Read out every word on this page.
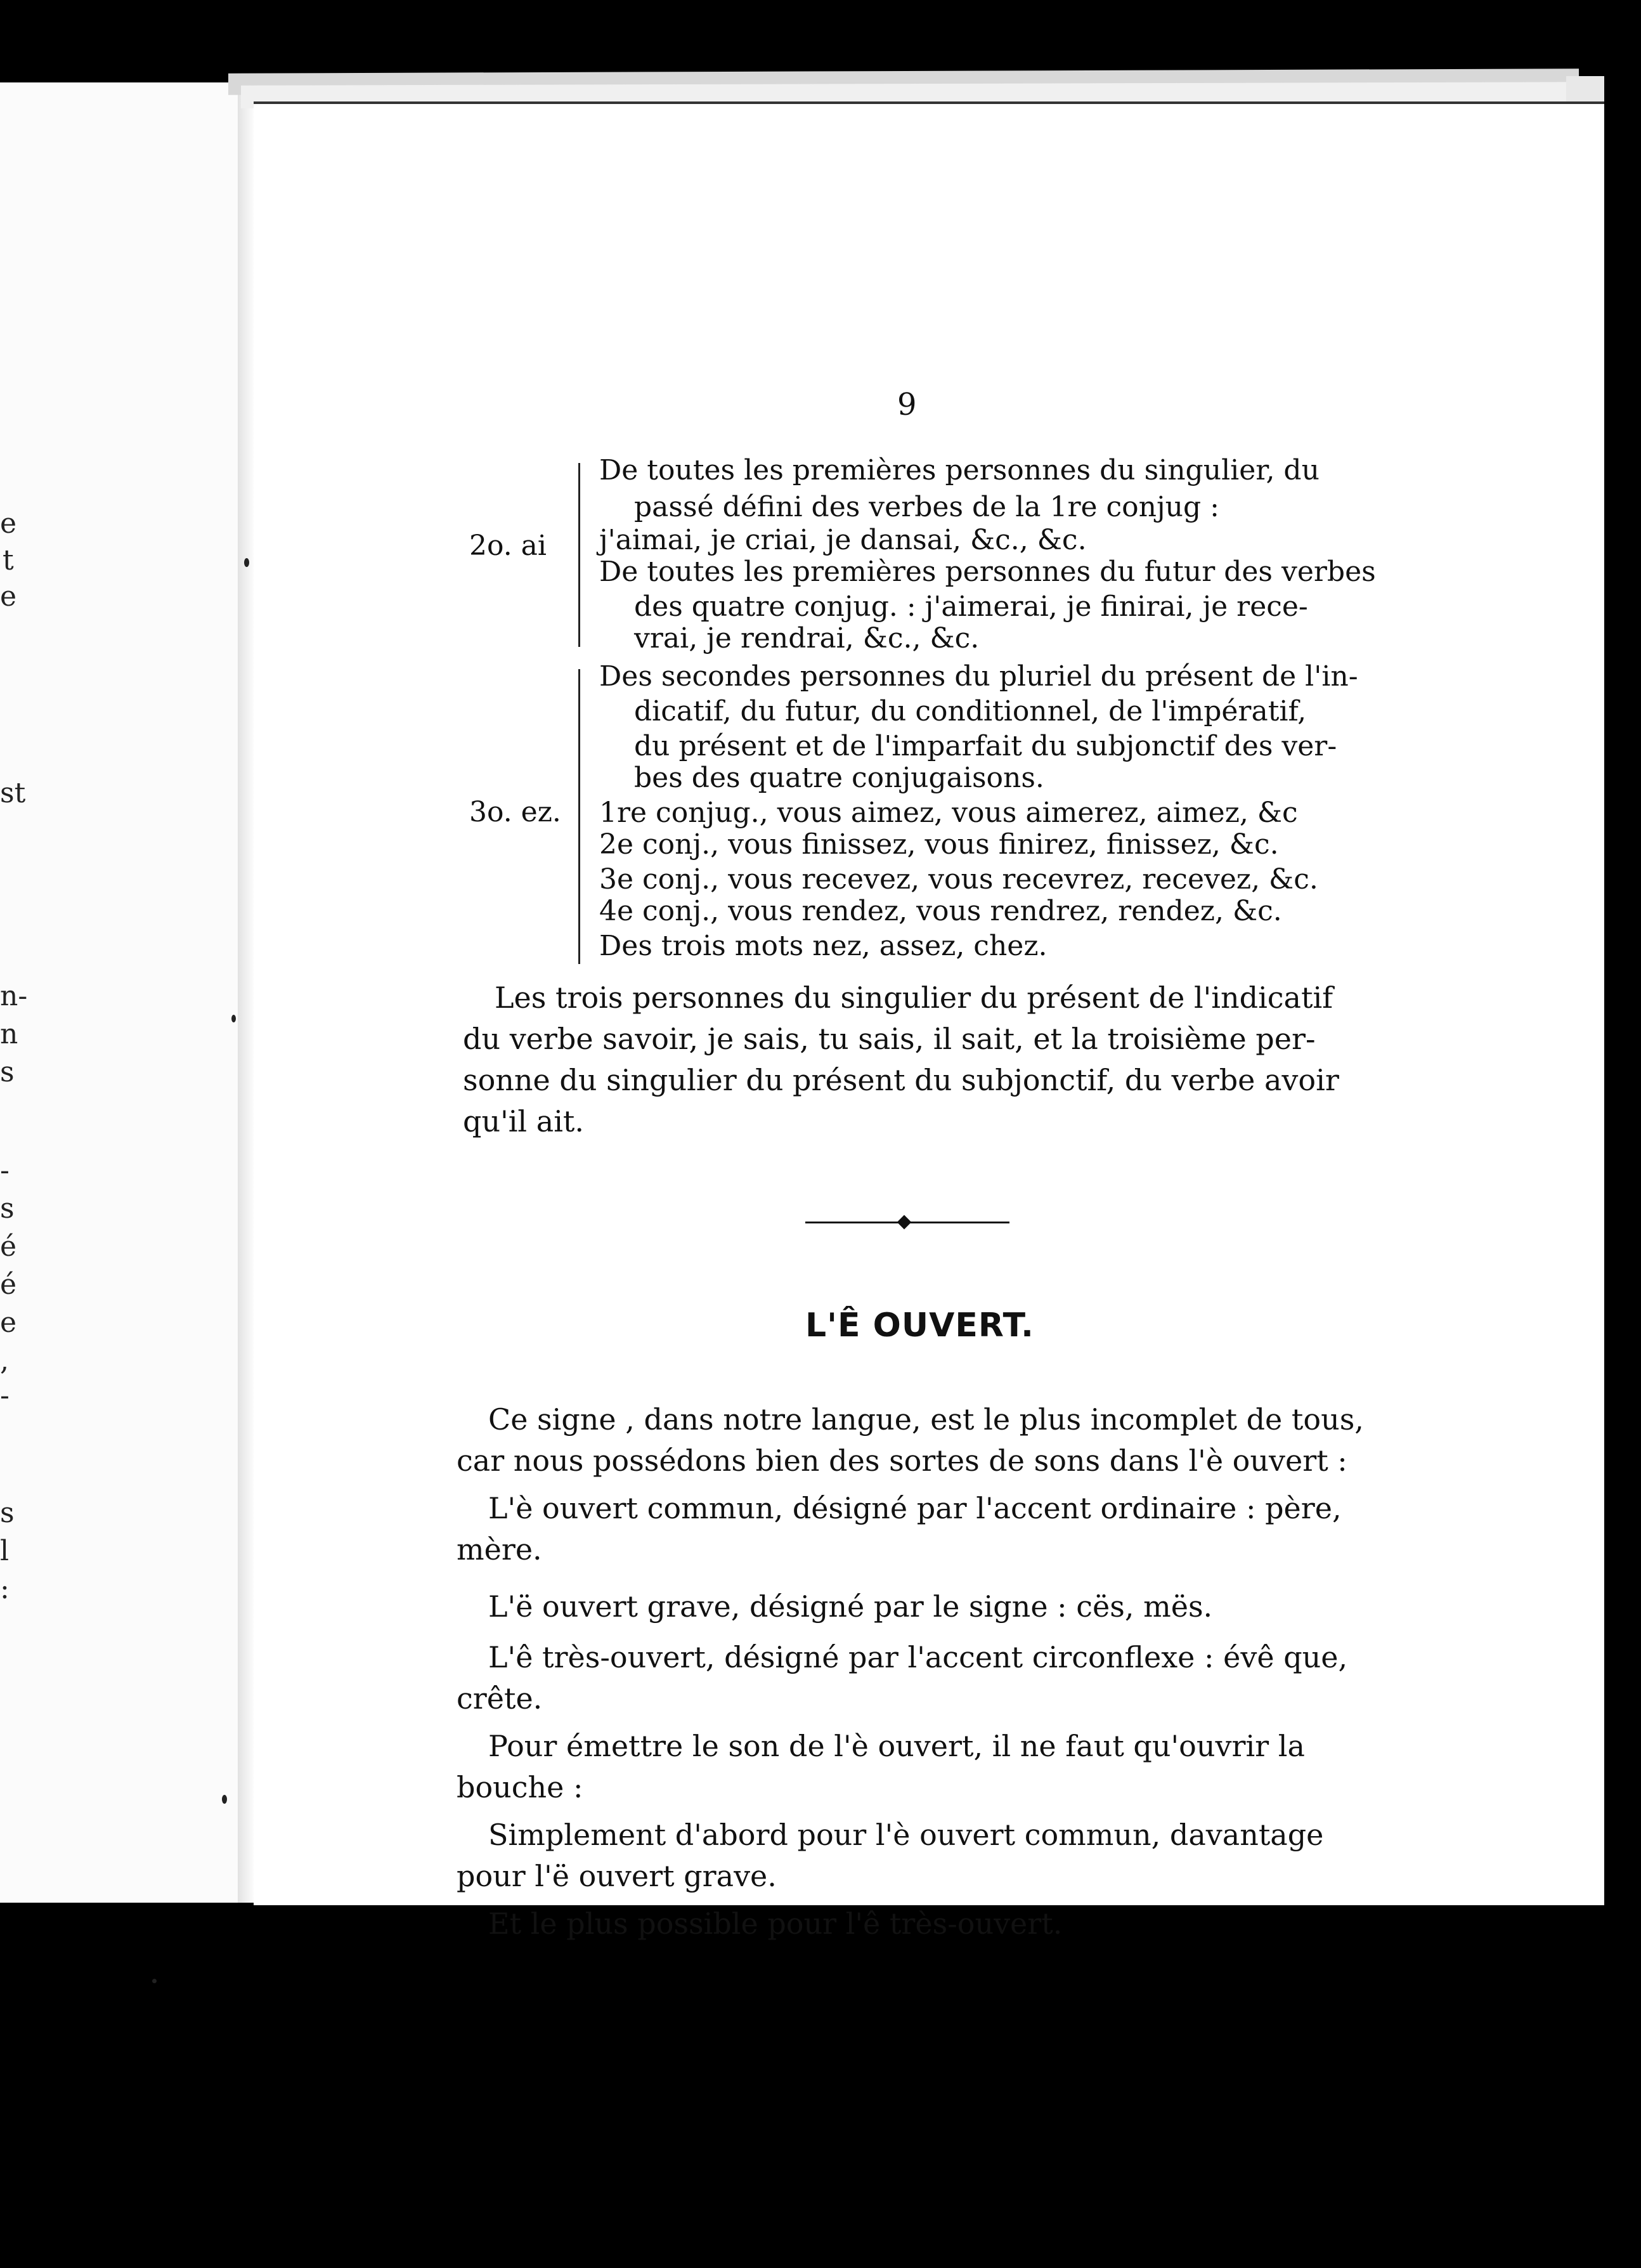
e
t
e
st
n-
n
s
-
s
é
é
e
,
-
s
l
:
9
2o. ai
De toutes les premières personnes du singulier, du
passé défini des verbes de la 1re conjug :
j'aimai, je criai, je dansai, &c., &c.
De toutes les premières personnes du futur des verbes
des quatre conjug. : j'aimerai, je finirai, je rece-
vrai, je rendrai, &c., &c.
3o. ez.
Des secondes personnes du pluriel du présent de l'in-
dicatif, du futur, du conditionnel, de l'impératif,
du présent et de l'imparfait du subjonctif des ver-
bes des quatre conjugaisons.
1re conjug., vous aimez, vous aimerez, aimez, &c
2e conj., vous finissez, vous finirez, finissez, &c.
3e conj., vous recevez, vous recevrez, recevez, &c.
4e conj., vous rendez, vous rendrez, rendez, &c.
Des trois mots nez, assez, chez.
Les trois personnes du singulier du présent de l'indicatif
du verbe savoir, je sais, tu sais, il sait, et la troisième per-
sonne du singulier du présent du subjonctif, du verbe avoir
qu'il ait.
L'Ê OUVERT.
Ce signe , dans notre langue, est le plus incomplet de tous,
car nous possédons bien des sortes de sons dans l'è ouvert :
L'è ouvert commun, désigné par l'accent ordinaire : père,
mère.
L'ë ouvert grave, désigné par le signe : cës, mës.
L'ê très-ouvert, désigné par l'accent circonflexe : évê que,
crête.
Pour émettre le son de l'è ouvert, il ne faut qu'ouvrir la
bouche :
Simplement d'abord pour l'è ouvert commun, davantage
pour l'ë ouvert grave.
Et le plus possible pour l'ê très-ouvert.
